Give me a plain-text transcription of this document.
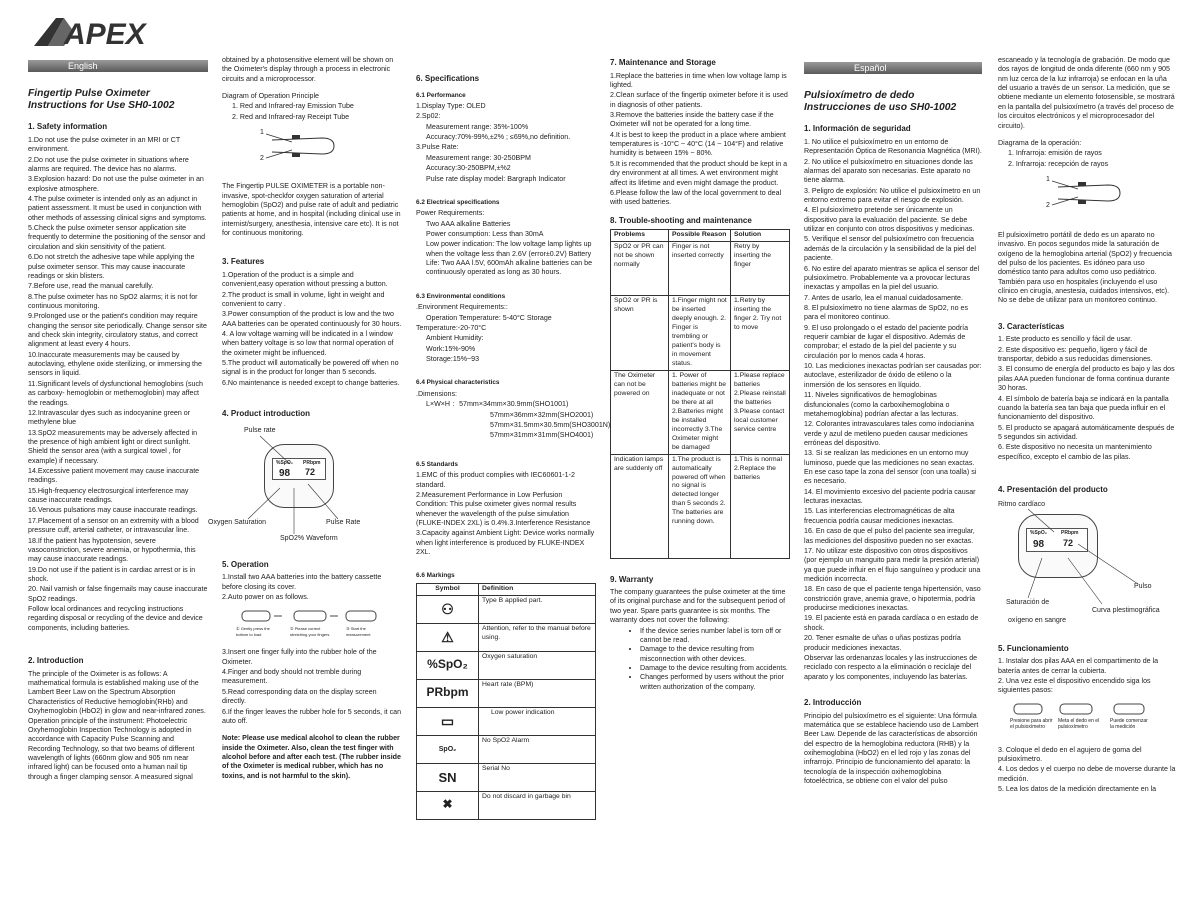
APEX
English
Fingertip Pulse Oximeter
Instructions for Use SH0-1002
1. Safety information

1.Do not use the pulse oximeter in an MRI or CT environment.

2.Do not use the pulse oximeter in situations where alarms are required. The device has no alarms.

3.Explosion hazard: Do not use the pulse oximeter in an explosive atmosphere.

4.The pulse oximeter is intended only as an adjunct in patient assessment. It must be used in conjunction with other methods of assessing clinical signs and symptoms.

5.Check the pulse oximeter sensor application site frequently to determine the positioning of the sensor and circulation and skin sensitivity of the patient.

6.Do not stretch the adhesive tape while applying the pulse oximeter sensor. This may cause inaccurate readings or skin blisters.

7.Before use, read the manual carefully.

8.The pulse oximeter has no SpO2 alarms; it is not for continuous monitoring.

9.Prolonged use or the patient's condition may require changing the sensor site periodically. Change sensor site and check skin integrity, circulatory status, and correct alignment at least every 4 hours.

10.Inaccurate measurements may be caused by autoclaving, ethylene oxide sterilizing, or immersing the sensors in liquid.

11.Significant levels of dysfunctional hemoglobins (such as carboxy- hemoglobin or methemoglobin) may affect the readings.

12.Intravascular dyes such as indocyanine green or methylene blue

13.SpO2 measurements may be adversely affected in the presence of high ambient light or direct sunlight. Shield the sensor area (with a surgical towel , for example) if necessary.

14.Excessive patient movement may cause inaccurate readings.

15.High-frequency electrosurgical interference may cause inaccurate readings.

16.Venous pulsations may cause inaccurate readings.

17.Placement of a sensor on an extremity with a blood pressure cuff, arterial catheter, or intravascular line.

18.If the patient has hypotension, severe vasoconstriction, severe anemia, or hypothermia, this may cause inaccurate readings.

19.Do not use if the patient is in cardiac arrest or is in shock.

20. Nail varnish or false fingernails may cause inaccurate SpO2 readings.

Follow local ordinances and recycling instructions regarding disposal or recycling of the device and device components, including batteries.

2. Introduction

The principle of the Oximeter is as follows: A mathematical formula is established making use of the Lambert Beer Law on the Spectrum Absorption Characteristics of Reductive hemoglobin(RHb) and Oxyhemoglobin (HbO2) in glow and near-infrared zones. Operation principle of the instrument: Photoelectric Oxyhemoglobin Inspection Technology is adopted in accordance with Capacity Pulse Scanning and Recording Technology, so that two beams of different wavelength of lights (660nm glow and 905 nm near infrared light) can be focused onto a human nail tip through a finger clamping sensor. A measured signal

obtained by a photosensitive element will be shown on the Oximeter's display through a process in electronic circuits and a microprocessor.

Diagram of Operation Principle

1. Red and Infrared-ray Emission Tube

2. Red and Infrared-ray Receipt Tube

1
2

The Fingertip PULSE OXIMETER is a portable non-invasive, spot-checkfor oxygen saturation of arterial hemoglobin (SpO2) and pulse rate of adult and pediatric patients at home, and in hospital (including clinical use in internist/surgery, anesthesia, intensive care etc). It is not for continuous monitoring.

3. Features

1.Operation of the product is a simple and convenient,easy operation without pressing a button.

2.The product is small in volume, light in weight and convenient to carry .

3.Power consumption of the product is low and the two AAA batteries can be operated continuously for 30 hours.

4. A low voltage warning will be indicated in a l window when battery voltage is so low that normal operation of the oximeter might be influenced.

5.The product will automatically be powered off when no signal is in the product for longer than 5 seconds.

6.No maintenance is needed except to change batteries.

4. Product introduction
Pulse rate
%SpO₂ PRbpm
98 72
Oxygen Saturation	Pulse Rate
SpO2% Waveform
5. Operation

1.Install two AAA batteries into the battery cassette before closing its cover.

2.Auto power on as follows.

① Gently press the bottom to load
② Please correct stretching your fingers
③ Start the measurement

3.Insert one finger fully into the rubber hole of the Oximeter.

4.Finger and body should not tremble during measurement.

5.Read corresponding data on the display screen directly.

6.If the finger leaves the rubber hole for 5 seconds, it can auto off.

Note: Please use medical alcohol to clean the rubber inside the Oximeter. Also, clean the test finger with alcohol before and after each test. (The rubber inside of the Oximeter is medical rubber, which has no toxins, and is not harmful to the skin).

6. Specifications
6.1 Performance

1.Display Type: OLED

2.Sp02:

Measurement range: 35%-100%

Accuracy:70%-99%,±2% ; ≤69%,no definition.

3.Pulse Rate:

Measurement range: 30-250BPM

Accuracy:30-250BPM,±%2

Pulse rate display model: Bargraph Indicator

6.2 Electrical specifications

Power Requirements:

Two AAA alkaline Batteries

Power consumption: Less than 30mA

Low power indication: The low voltage lamp lights up when the voltage less than 2.6V (error±0.2V) Battery Life: Two AAA l.5V, 600mAh alkaline batteries can be continuously operated as long as 30 hours.

6.3 Environmental conditions

.Environment Requirements::

Operation Temperature: 5-40°C Storage

Temperature:-20-70°C

Ambient Humidity:

Work:15%-90%

Storage:15%~93

6.4 Physical characteristics

.Dimensions:

L×W×H ：57mm×34mm×30.9mm(SHO1001)

57mm×36mm×32mm(SHO2001)

57mm×31.5mm×30.5mm(SHO3001N)

57mm×31mm×31mm(SHO4001)

6.5 Standards

1.EMC of this product complies with IEC60601-1-2 standard.

2.Measurement Performance in Low Perfusion Condition: This pulse oximeter gives normal results whenever the wavelength of the pulse simulation (FLUKE-INDEX 2XL) is 0.4%.3.Interference Resistance

3.Capacity against Ambient Light: Device works normally when light interference is produced by FLUKE-INDEX 2XL.

6.6 Markings
Symbol	Definition
⚇	Type B applied part.
⚠	Attention, refer to the manual before using.
%SpO₂	Oxygen saturation
PRbpm	Heart rate (BPM)
▭	Low power indication
SpO₂	No SpO2 Alarm
SN	Serial No
✖	Do not discard in garbage bin
7. Maintenance and Storage

1.Replace the batteries in time when low voltage lamp is lighted.

2.Clean surface of the fingertip oximeter before it is used in diagnosis of other patients.

3.Remove the batteries inside the battery case if the Oximeter will not be operated for a long time.

4.It is best to keep the product in a place where ambient temperatures is -10°C ~ 40°C (14 ~ 104°F) and relative humidity is between 15% ~ 80%.

5.It is recommended that the product should be kept in a dry environment at all times. A wet environment might affect its lifetime and even might damage the product.

6.Please follow the law of the local government to deal with used batteries.

8. Trouble-shooting and maintenance
Problems	Possible Reason	Solution
SpO2 or PR can not be shown normally	Finger is not inserted correctly	Retry by inserting the finger
SpO2 or PR is shown	1.Finger might not be inserted deeply enough. 2. Finger is trembling or patient's body is in movement status.	1.Retry by inserting the finger 2. Try not to move
The Oximeter can not be powered on	1. Power of batteries might be inadequate or not be there at all 2.Batteries might be installed incorrectly 3.The Oximeter might be damaged	1.Please replace batteries 2.Please reinstall the batteries 3.Please contact local customer service centre
Indication lamps are suddenly off	1.The product is automatically powered off when no signal is detected longer than 5 seconds 2. The batteries are running down.	1.This is normal 2.Replace the batteries
9. Warranty

The company guarantees the pulse oximeter at the time of its original purchase and for the subsequent period of two year. Spare parts guarantee is six months. The warranty does not cover the following:

• If the device series number label is torn off or cannot be read.
• Damage to the device resulting from misconnection with other devices.
• Damage to the device resulting from accidents.
• Changes performed by users without the prior written authorization of the company.
Español
Pulsioxímetro de dedo
Instrucciones de uso SH0-1002
1. Información de seguridad

1. No utilice el pulsioxímetro en un entorno de Representación Óptica de Resonancia Magnética (MRI).

2. No utilice el pulsioxímetro en situaciones donde las alarmas del aparato son necesarias. Este aparato no tiene alarma.

3. Peligro de explosión: No utilice el pulsioxímetro en un entorno extremo para evitar el riesgo de explosión.

4. El pulsioxímetro pretende ser únicamente un dispositivo para la evaluación del paciente. Se debe utilizar en conjunto con otros dispositivos y medicinas.

5. Verifique el sensor del pulsioxímetro con frecuencia además de la circulación y la sensibilidad de la piel del paciente.

6. No estire del aparato mientras se aplica el sensor del pulsioxímetro. Probablemente va a provocar lecturas inexactas y ampollas en la piel del usuario.

7. Antes de usarlo, lea el manual cuidadosamente.

8. El pulsioxímetro no tiene alarmas de SpO2, no es para el monitoreo continuo.

9. El uso prolongado o el estado del paciente podría requerir cambiar de lugar el dispositivo. Además de comprobar; el estado de la piel del paciente y su circulación por lo menos cada 4 horas.

10. Las mediciones inexactas podrían ser causadas por: autoclave, esterilizador de óxido de etileno o la inmersión de los sensores en líquido.

11. Niveles significativos de hemoglobinas disfuncionales (como la carboxihemoglobina o metahemoglobina) podrían afectar a las lecturas.

12. Colorantes intravasculares tales como indocianina verde y azul de metileno pueden causar mediciones erróneas del dispositivo.

13. Si se realizan las mediciones en un entorno muy luminoso, puede que las mediciones no sean exactas. En ese caso tape la zona del sensor (con una toalla) si es necesario.

14. El movimiento excesivo del paciente podría causar lecturas inexactas.

15. Las interferencias electromagnéticas de alta frecuencia podría causar mediciones inexactas.

16. En caso de que el pulso del paciente sea irregular, las mediciones del dispositivo pueden no ser exactas.

17. No utilizar este dispositivo con otros dispositivos (por ejemplo un manguito para medir la presión arterial) ya que puede influir en el flujo sanguíneo y producir una medición incorrecta.

18. En caso de que el paciente tenga hipertensión, vaso constricción grave, anemia grave, o hipotermia, podría producirse mediciones inexactas.

19. El paciente está en parada cardíaca o en estado de shock.

20. Tener esmalte de uñas o uñas postizas podría producir mediciones inexactas.

Observar las ordenanzas locales y las instrucciones de reciclado con respecto a la eliminación o reciclaje del aparato y los componentes, incluyendo las baterías.

2. Introducción

Principio del pulsioxímetro es el siguiente: Una fórmula matemática que se establece haciendo uso de Lambert Beer Law. Depende de las características de absorción del espectro de la hemoglobina reductora (RHB) y la oxihemoglobina (HbO2) en el led rojo y las zonas del infrarrojo. Principio de funcionamiento del aparato: la tecnología de la inspección oxihemoglobina fotoeléctrica, se obtiene con el valor del pulso

escaneado y la tecnología de grabación. De modo que dos rayos de longitud de onda diferente (660 nm y 905 nm luz cerca de la luz infrarroja) se enfocan en la uña del usuario a través de un sensor. La medición, que se obtiene mediante un elemento fotosensible, se mostrará en la pantalla del pulsioxímetro (a través del proceso de los circuitos electrónicos y el microprocesador del circuito).

Diagrama de la operación:

1. Infrarroja: emisión de rayos

2. Infrarroja: recepción de rayos

1
2

El pulsioxímetro portátil de dedo es un aparato no invasivo. En pocos segundos mide la saturación de oxígeno de la hemoglobina arterial (SpO2) y frecuencia del pulso de los pacientes. Es idóneo para uso doméstico tanto para adultos como uso pediátrico. También para uso en hospitales (incluyendo el uso clínico en cirugía, anestesia, cuidados intensivos, etc). No se debe de utilizar para un monitoreo continuo.

3. Características

1. Este producto es sencillo y fácil de usar.

2. Este dispositivo es: pequeño, ligero y fácil de transportar, debido a sus reducidas dimensiones.

3. El consumo de energía del producto es bajo y las dos pilas AAA pueden funcionar de forma continua durante 30 horas.

4. El símbolo de batería baja se indicará en la pantalla cuando la batería sea tan baja que pueda influir en el funcionamiento del dispositivo.

5. El producto se apagará automáticamente después de 5 segundos sin actividad.

6. Este dispositivo no necesita un mantenimiento específico, excepto el cambio de las pilas.

4. Presentación del producto
Ritmo cardíaco
%SpO₂	PRbpm
98 72
Pulso
Saturación de
Curva plestimográfica
oxígeno en sangre
5. Funcionamiento

1. Instalar dos pilas AAA en el compartimento de la batería antes de cerrar la cubierta.

2. Una vez este el dispositivo encendido siga los siguientes pasos:

Presione para abrir el pulsioxímetro
Meta el dedo en el pulsioxímetro
Puede comenzar la medición

3. Coloque el dedo en el agujero de goma del pulsioxímetro.

4. Los dedos y el cuerpo no debe de moverse durante la medición.

5. Lea los datos de la medición directamente en la
